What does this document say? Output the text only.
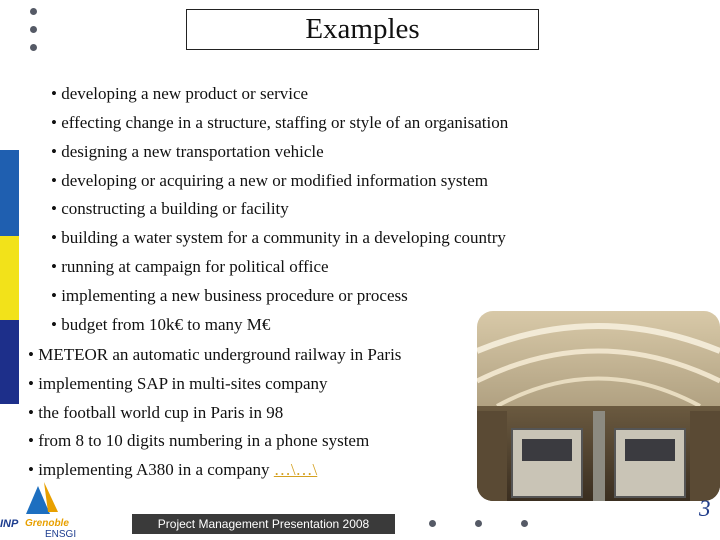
Examples
• developing a new product or service
• effecting change in a structure, staffing or style of an organisation
• designing a new transportation vehicle
• developing or acquiring a new or modified information system
• constructing a building or facility
• building a water system for a community in a developing country
• running at campaign for political office
• implementing a new business procedure or process
• budget from 10k€ to many M€
• METEOR an automatic underground railway in Paris
• implementing SAP in multi-sites company
• the football world cup in Paris in 98
• from 8 to 10 digits numbering in a phone system
• implementing A380 in a company …\…\
INP Grenoble
ENSGI
Project Management Presentation 2008
3
